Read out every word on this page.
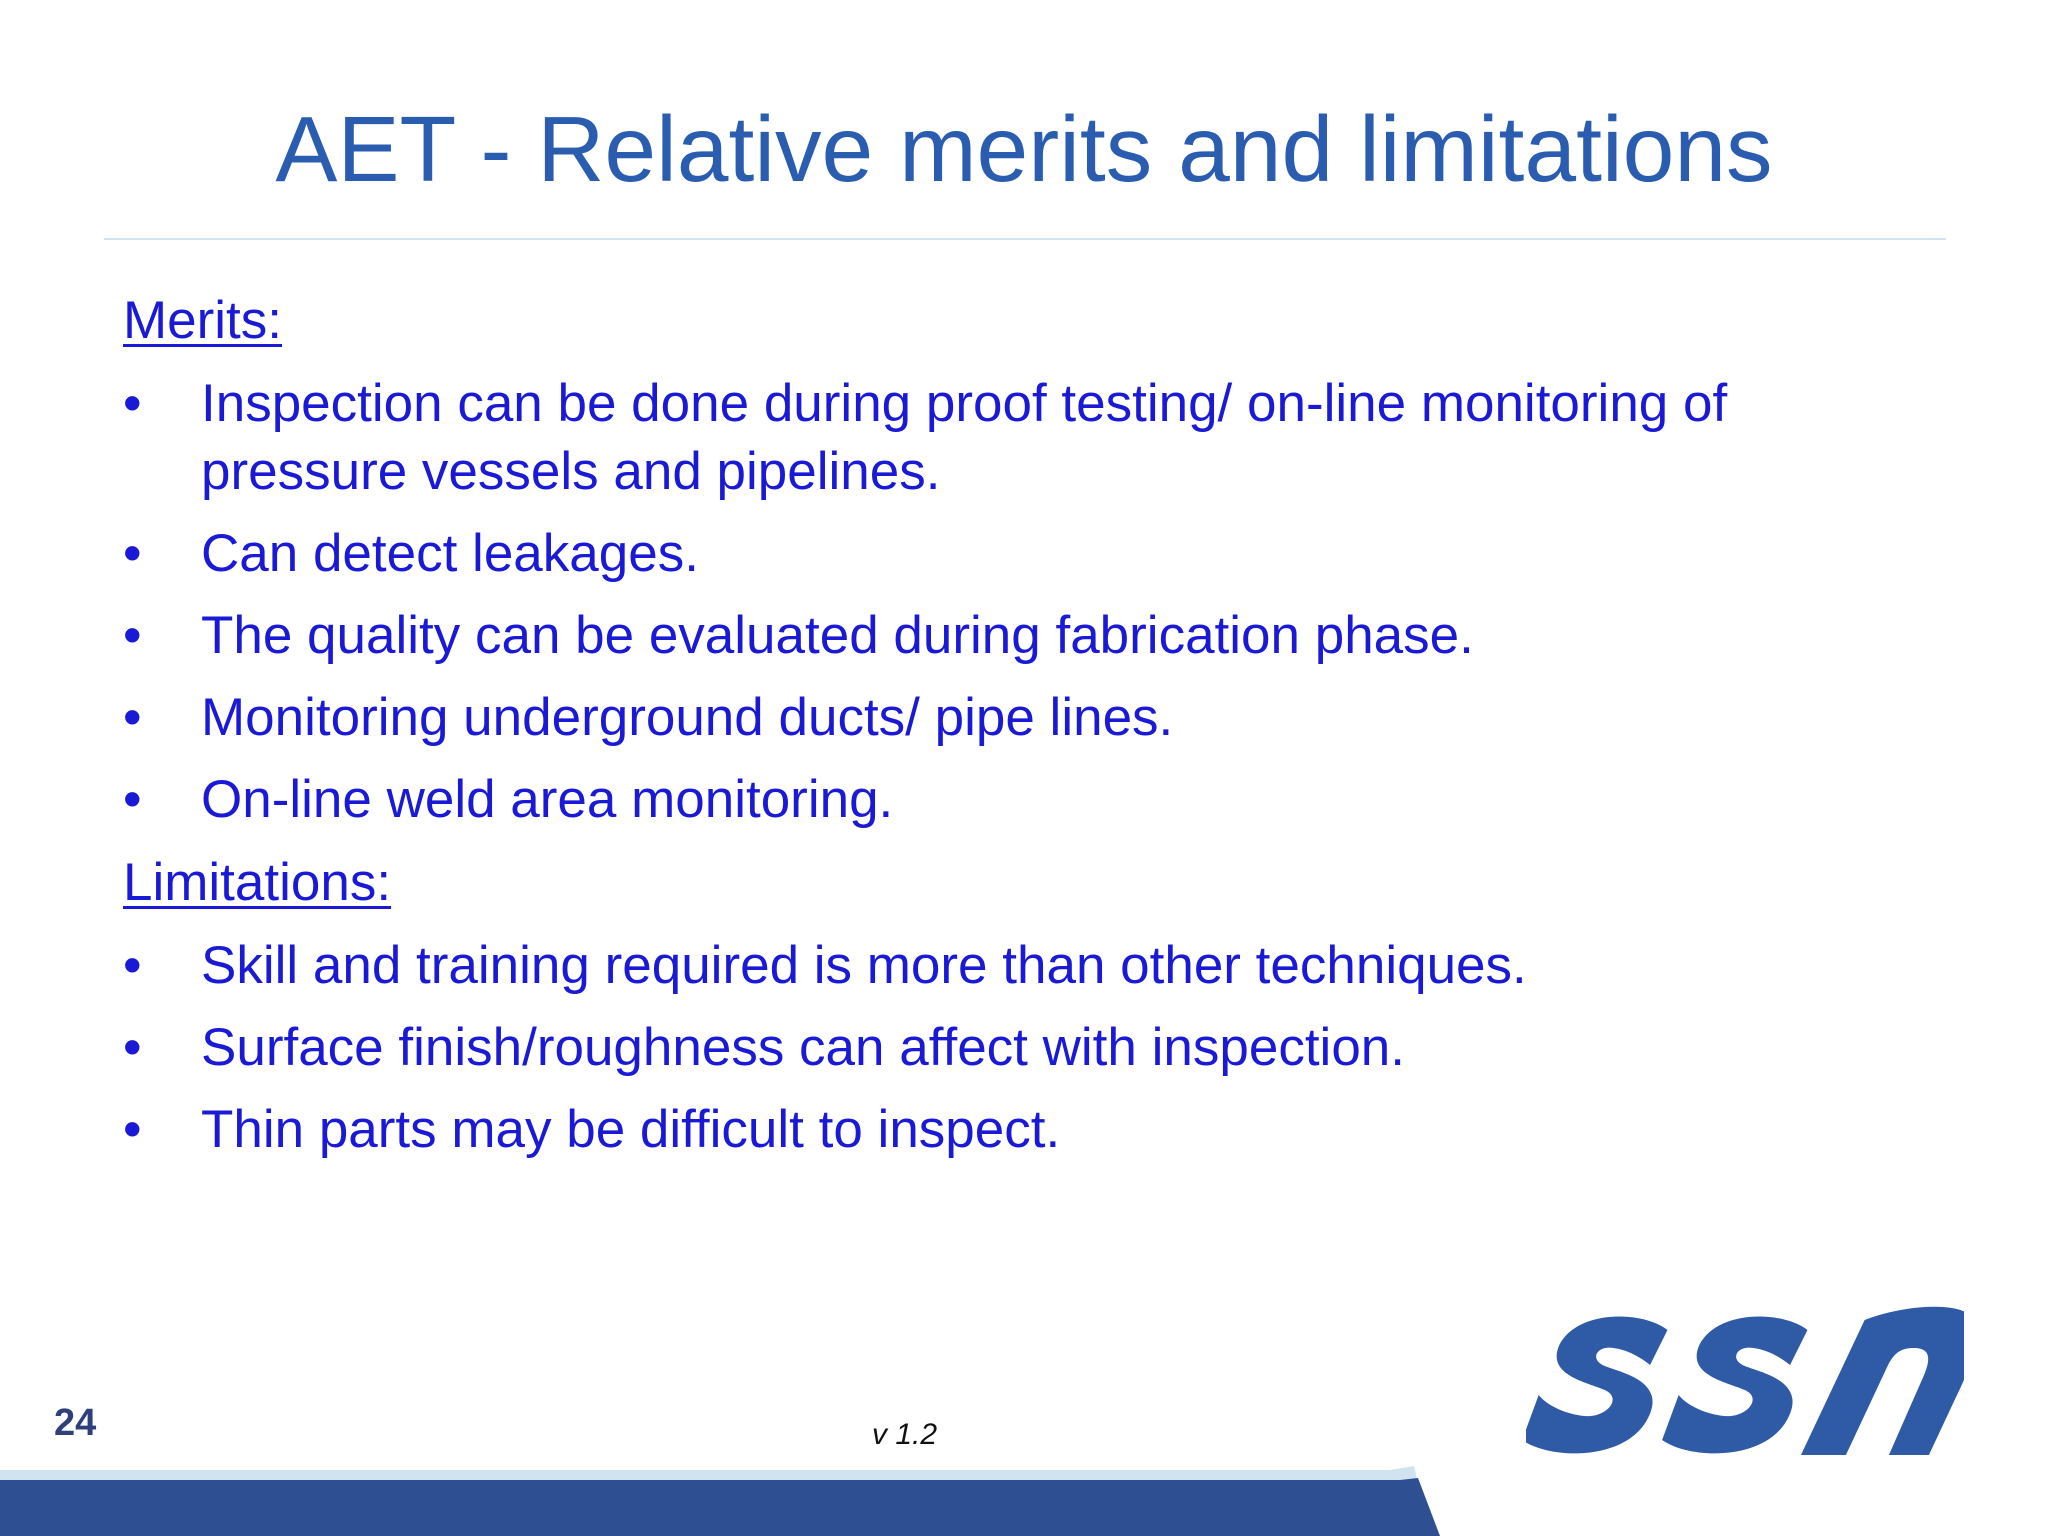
AET - Relative merits and limitations

Merits:

• Inspection can be done during proof testing/ on-line monitoring of pressure vessels and pipelines.
• Can detect leakages.
• The quality can be evaluated during fabrication phase.
• Monitoring underground ducts/ pipe lines.
• On-line weld area monitoring.

Limitations:

• Skill and training required is more than other techniques.
• Surface finish/roughness can affect with inspection.
• Thin parts may be difficult to inspect.
24	v 1.2
